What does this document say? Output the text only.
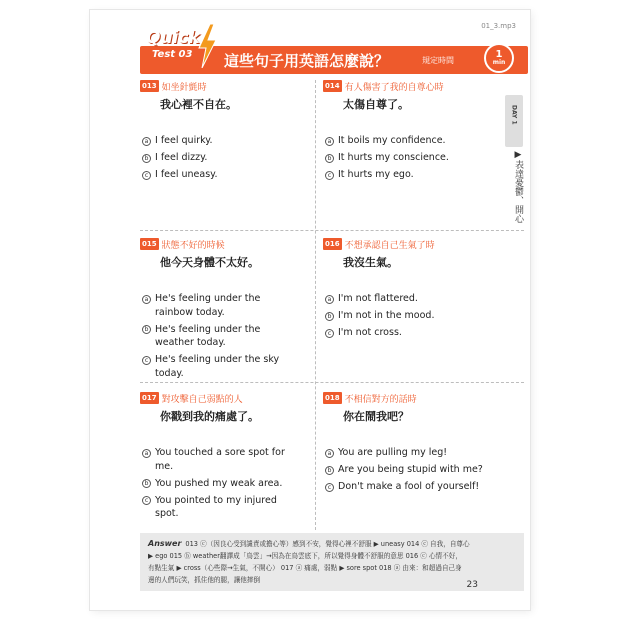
01_3.mp3
Quick
Test 03 這些句子用英語怎麼說？	規定時間
1
min
DAY 1
▶表達憂鬱、開心
013 如坐針氈時
我心裡不自在。
a I feel quirky.
b I feel dizzy.
c I feel uneasy.
014 有人傷害了我的自尊心時
太傷自尊了。
a It boils my confidence.
b It hurts my conscience.
c It hurts my ego.
015 狀態不好的時候
他今天身體不太好。
a He's feeling under the rainbow today.
b He's feeling under the weather today.
c He's feeling under the sky today.
016 不想承認自己生氣了時
我沒生氣。
a I'm not flattered.
b I'm not in the mood.
c I'm not cross.
017 對攻擊自己弱點的人
你戳到我的痛處了。
a You touched a sore spot for me.
b You pushed my weak area.
c You pointed to my injured spot.
018 不相信對方的話時
你在鬧我吧？
a You are pulling my leg!
b Are you being stupid with me?
c Don't make a fool of yourself!
Answer 013 ⓒ（因良心受到譴責或擔心等）感到不安，覺得心裡不舒服 ▶ uneasy 014 ⓒ 自我，自尊心
▶ ego 015 ⓑ weather翻譯成「鳥雲」→因為在鳥雲底下，所以覺得身體不舒服的意思 016 ⓒ 心情不好，
有點生氣 ▶ cross（心些際→生氣，不開心） 017 ⓐ 痛處，弱點 ▶ sore spot 018 ⓐ 由來：和超過自己身
邊的人們玩笑，抓住他的腿，讓他摔倒	23
